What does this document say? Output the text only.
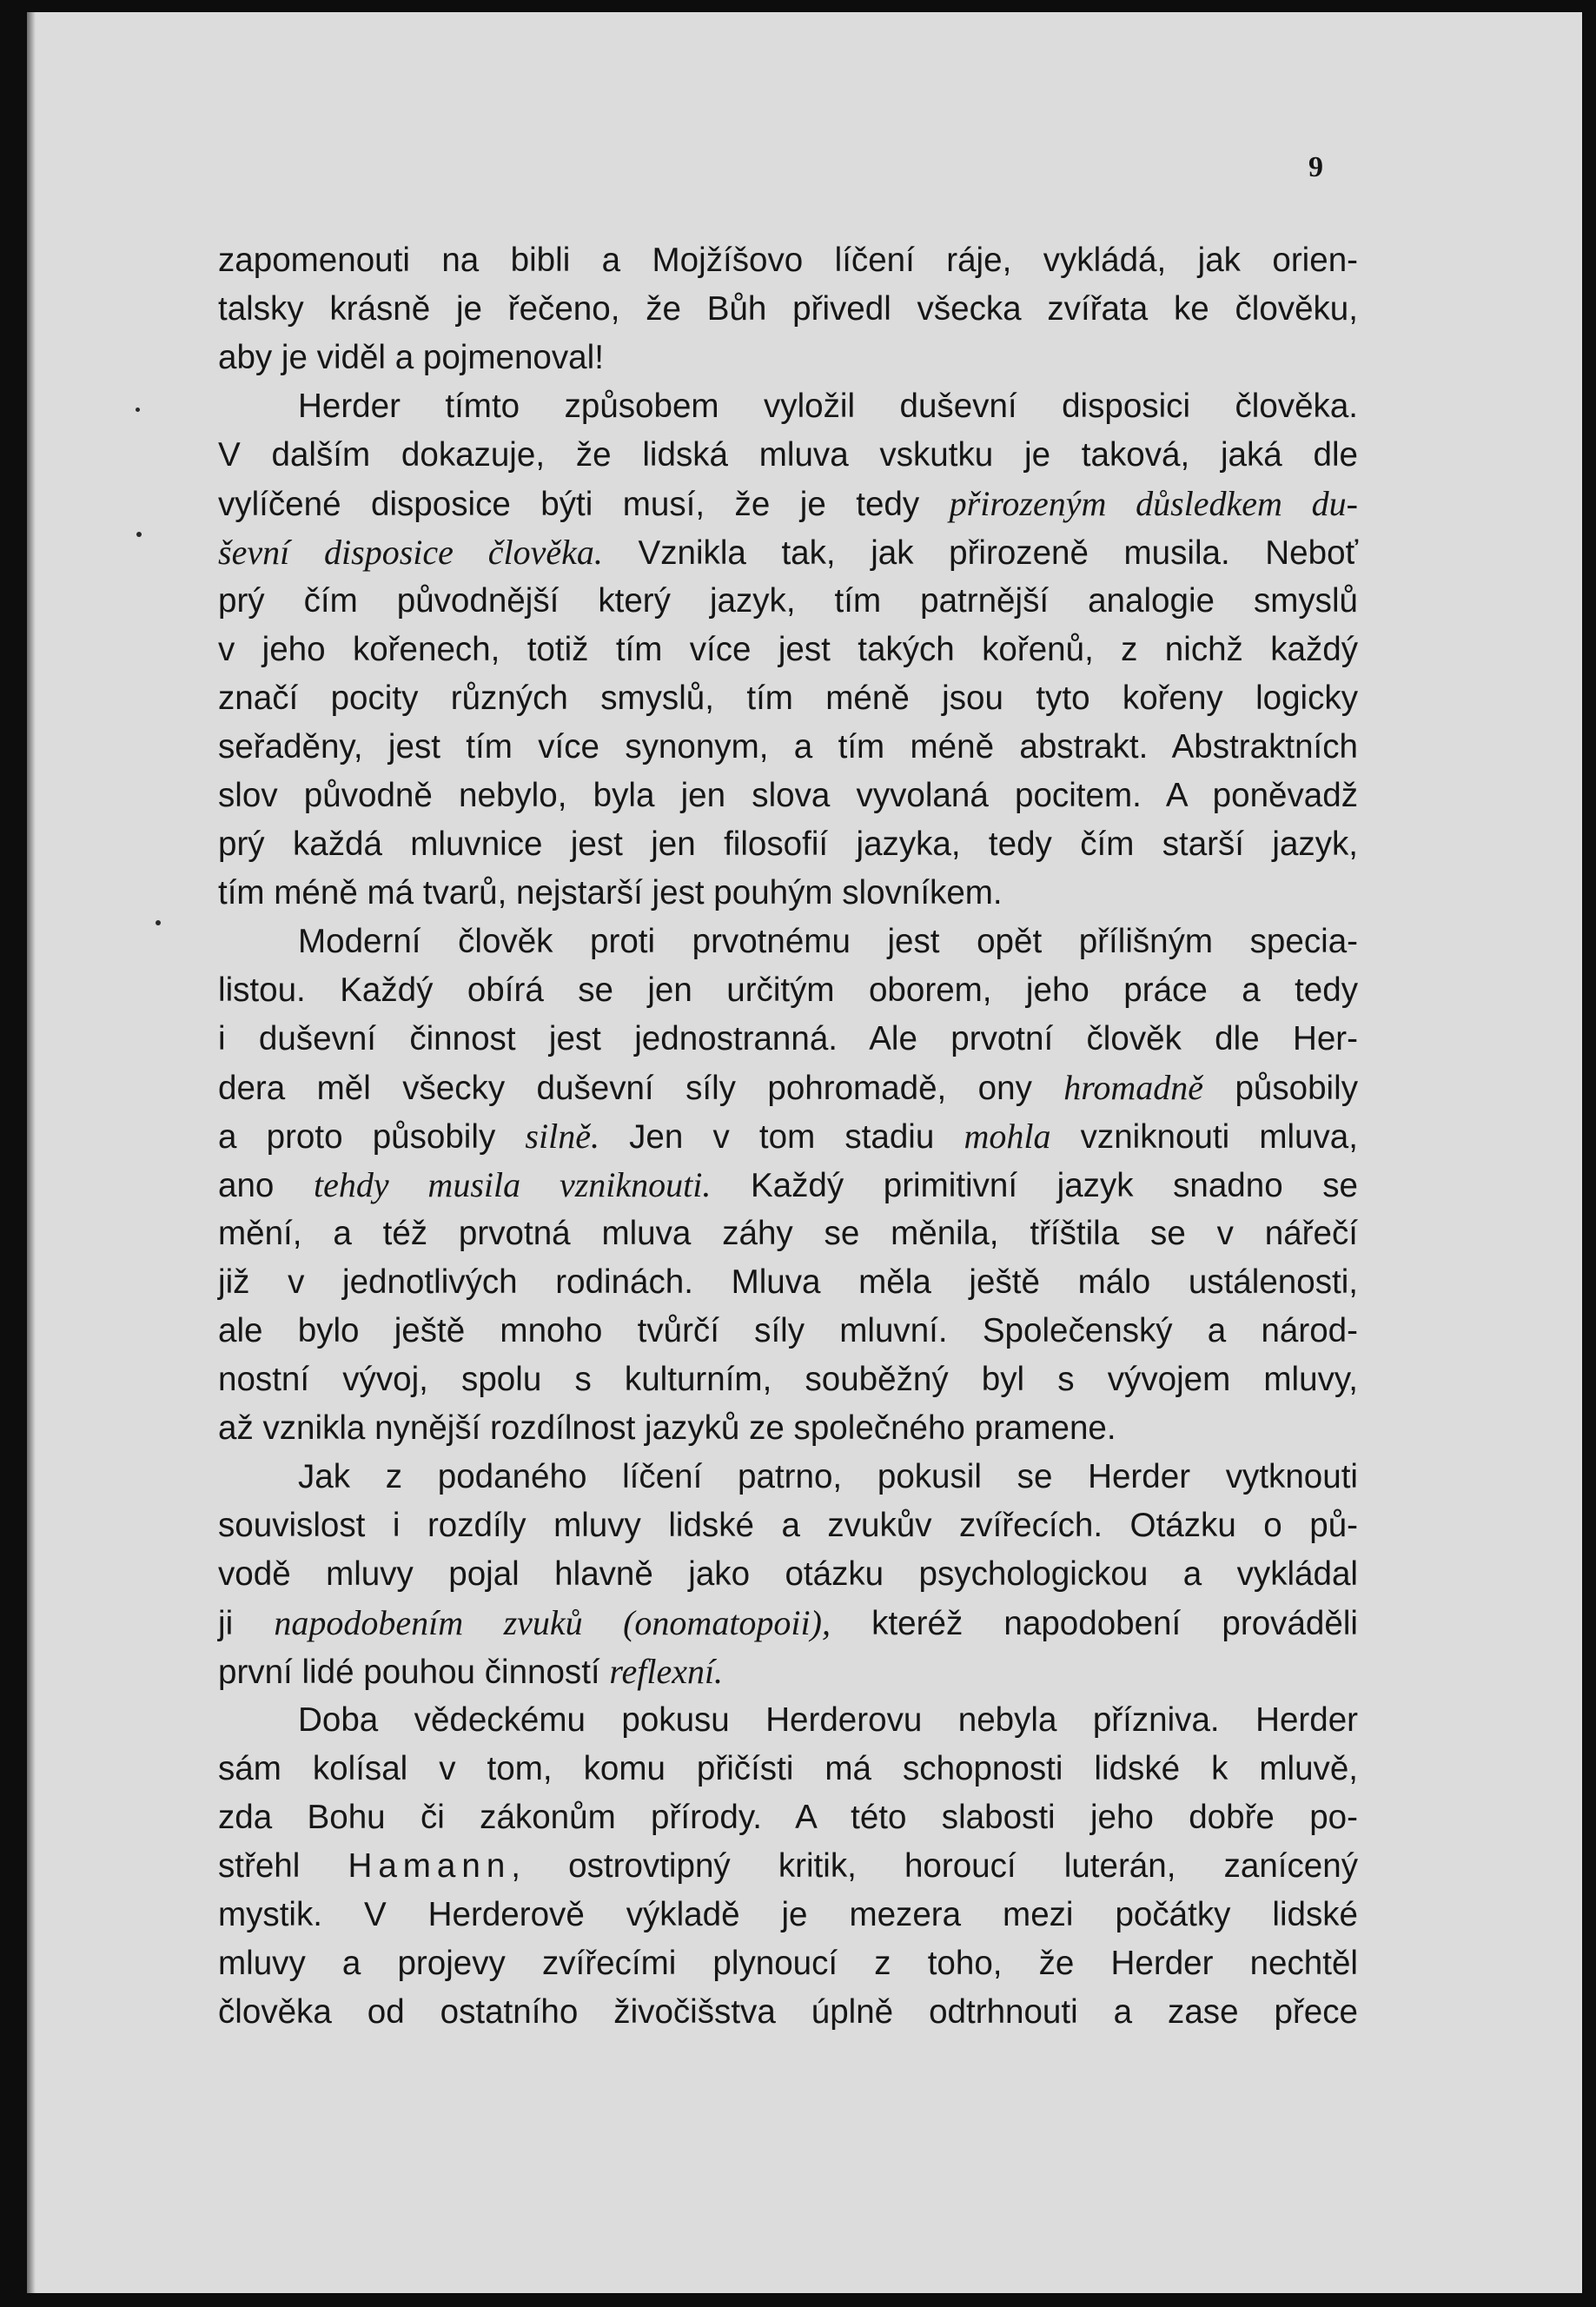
9
zapomenouti na bibli a Mojžíšovo líčení ráje, vykládá, jak orien-
talsky krásně je řečeno, že Bůh přivedl všecka zvířata ke člověku,
aby je viděl a pojmenoval!
Herder tímto způsobem vyložil duševní disposici člověka.
V dalším dokazuje, že lidská mluva vskutku je taková, jaká dle
vylíčené disposice býti musí, že je tedy přirozeným důsledkem du-
ševní disposice člověka. Vznikla tak, jak přirozeně musila. Neboť
prý čím původnější který jazyk, tím patrnější analogie smyslů
v jeho kořenech, totiž tím více jest takých kořenů, z nichž každý
značí pocity různých smyslů, tím méně jsou tyto kořeny logicky
seřaděny, jest tím více synonym, a tím méně abstrakt. Abstraktních
slov původně nebylo, byla jen slova vyvolaná pocitem. A poněvadž
prý každá mluvnice jest jen filosofií jazyka, tedy čím starší jazyk,
tím méně má tvarů, nejstarší jest pouhým slovníkem.
Moderní člověk proti prvotnému jest opět přílišným specia-
listou. Každý obírá se jen určitým oborem, jeho práce a tedy
i duševní činnost jest jednostranná. Ale prvotní člověk dle Her-
dera měl všecky duševní síly pohromadě, ony hromadně působily
a proto působily silně. Jen v tom stadiu mohla vzniknouti mluva,
ano tehdy musila vzniknouti. Každý primitivní jazyk snadno se
mění, a též prvotná mluva záhy se měnila, tříštila se v nářečí
již v jednotlivých rodinách. Mluva měla ještě málo ustálenosti,
ale bylo ještě mnoho tvůrčí síly mluvní. Společenský a národ-
nostní vývoj, spolu s kulturním, souběžný byl s vývojem mluvy,
až vznikla nynější rozdílnost jazyků ze společného pramene.
Jak z podaného líčení patrno, pokusil se Herder vytknouti
souvislost i rozdíly mluvy lidské a zvukův zvířecích. Otázku o pů-
vodě mluvy pojal hlavně jako otázku psychologickou a vykládal
ji napodobením zvuků (onomatopoii), kteréž napodobení prováděli
první lidé pouhou činností reflexní.
Doba vědeckému pokusu Herderovu nebyla příznivа. Herder
sám kolísal v tom, komu přičísti má schopnosti lidské k mluvě,
zda Bohu či zákonům přírody. A této slabosti jeho dobře po-
střehl Hamann, ostrovtipný kritik, horoucí luterán, zanícený
mystik. V Herderově výkladě je mezera mezi počátky lidské
mluvy a projevy zvířecími plynoucí z toho, že Herder nechtěl
člověka od ostatního živočišstva úplně odtrhnouti a zase přece
